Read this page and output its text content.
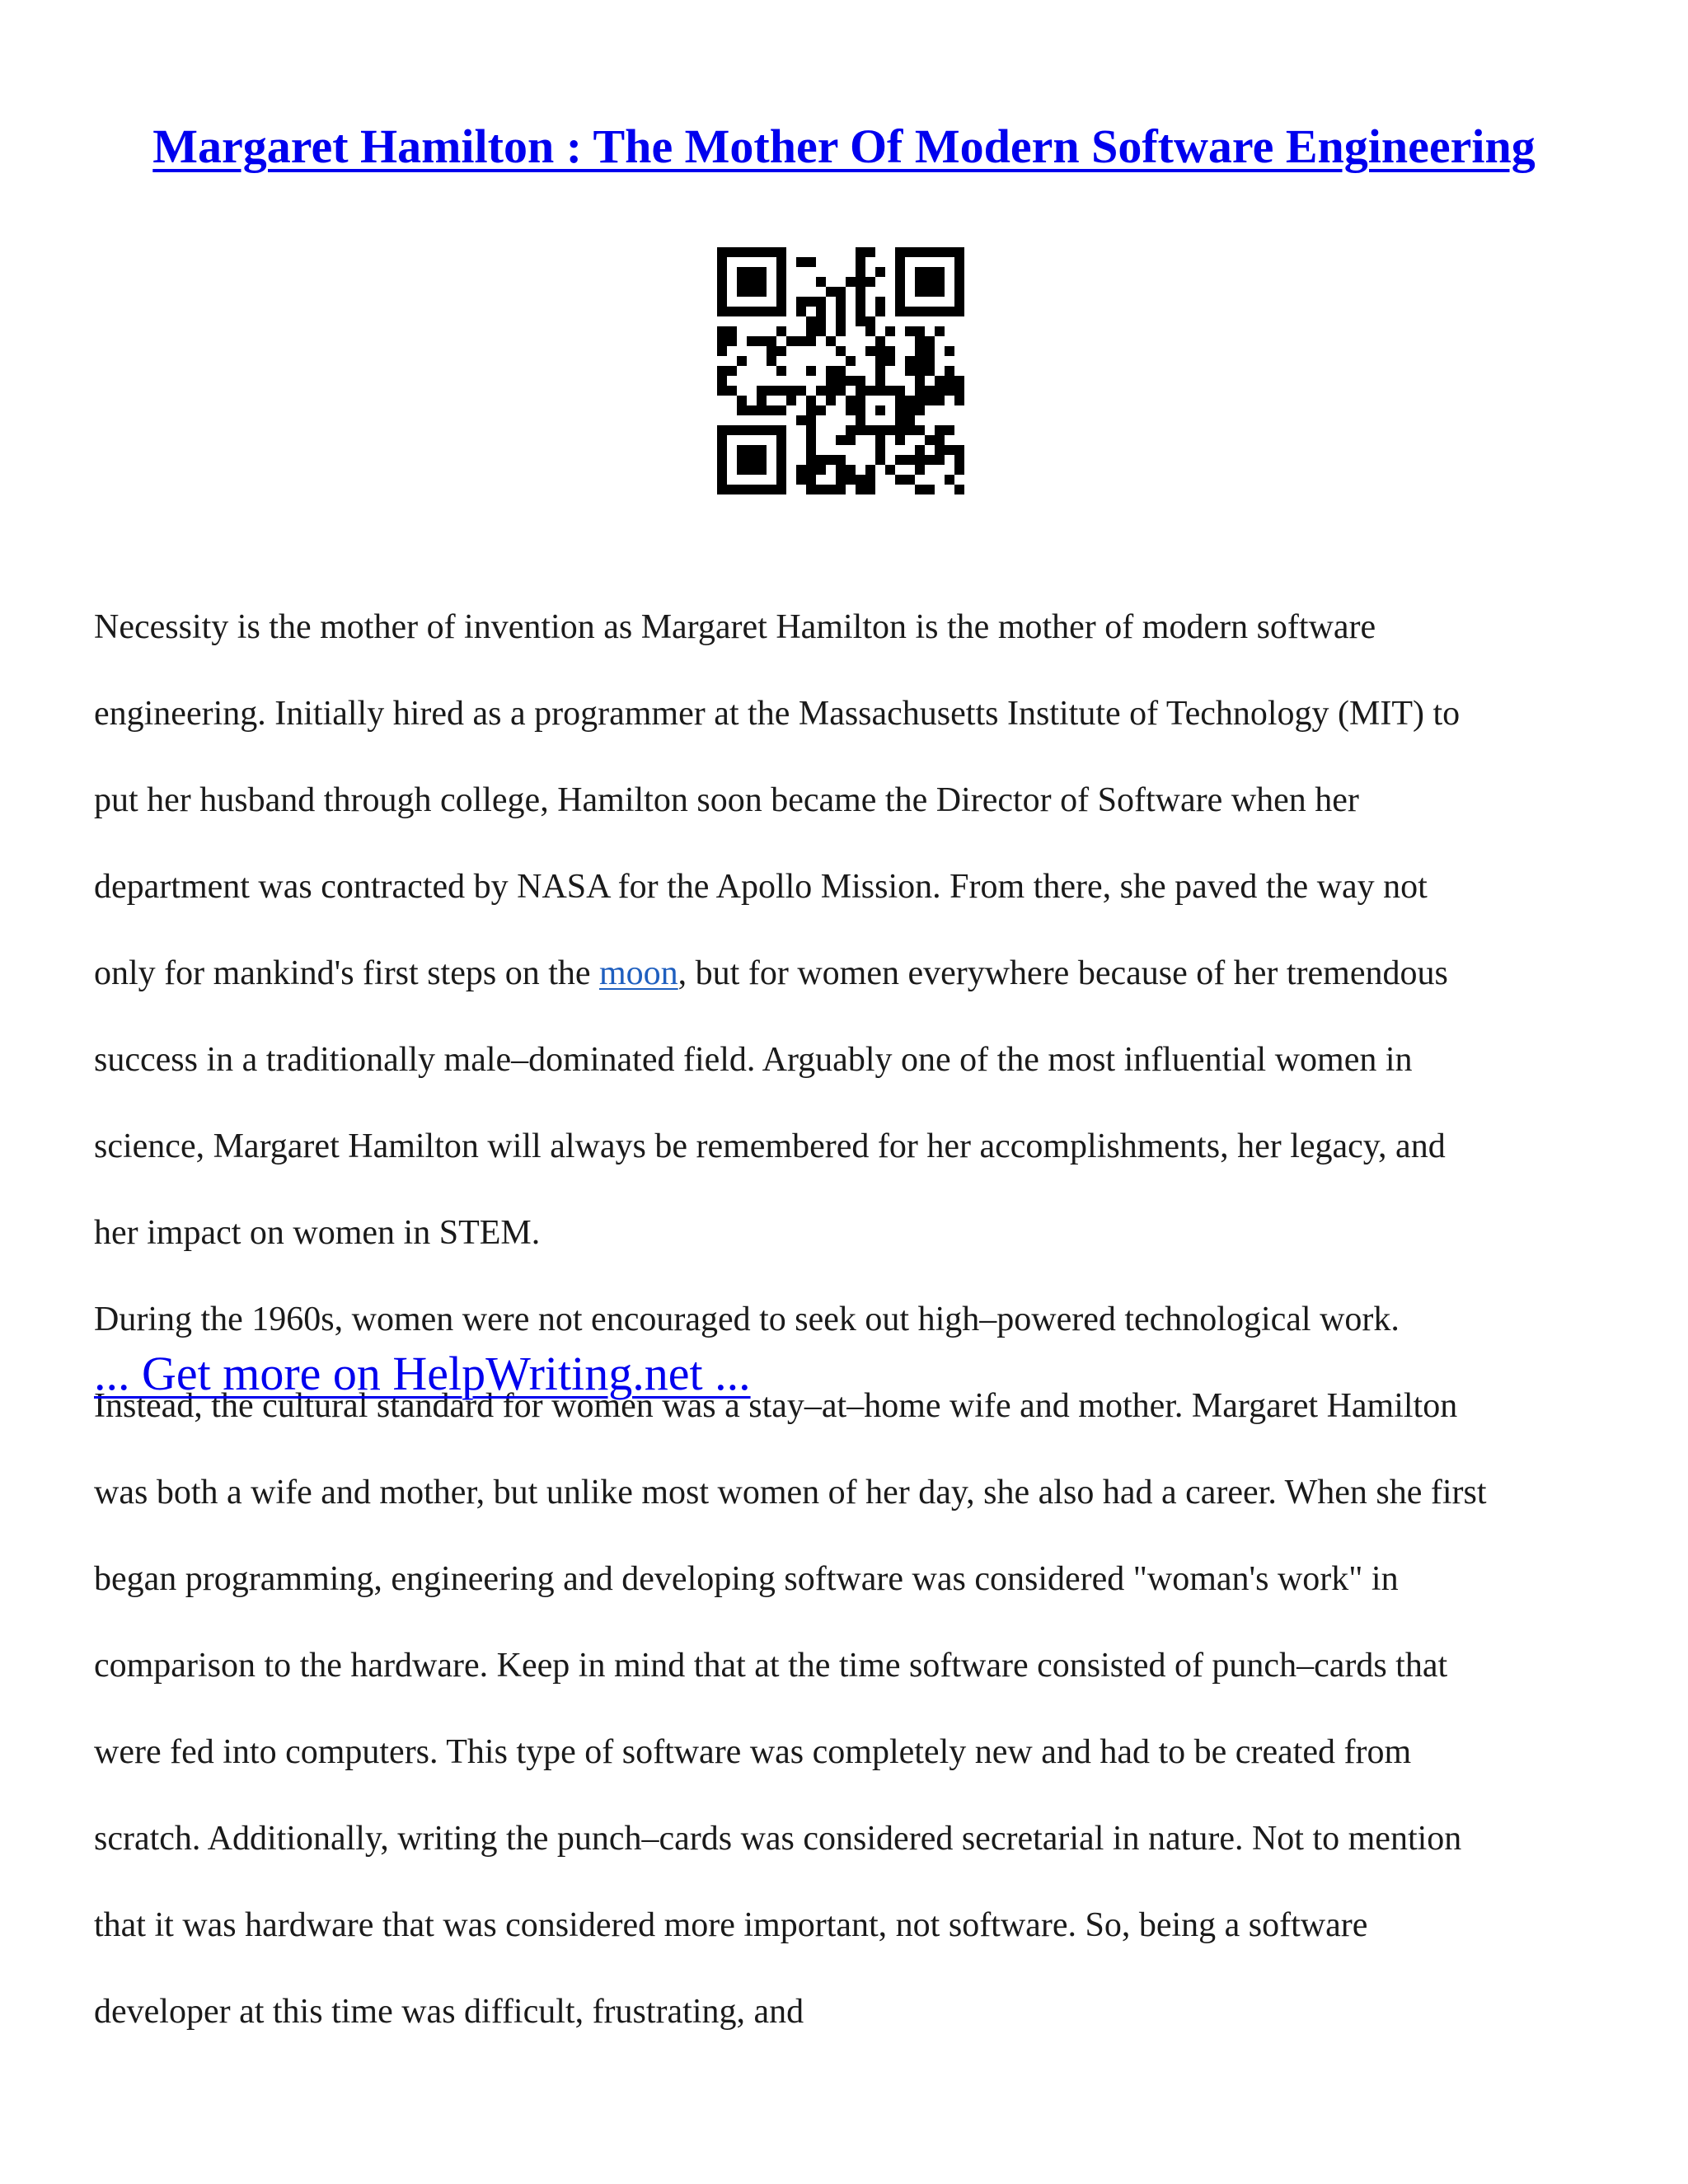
Margaret Hamilton : The Mother Of Modern Software Engineering

Necessity is the mother of invention as Margaret Hamilton is the mother of modern software

engineering. Initially hired as a programmer at the Massachusetts Institute of Technology (MIT) to

put her husband through college, Hamilton soon became the Director of Software when her

department was contracted by NASA for the Apollo Mission. From there, she paved the way not

only for mankind's first steps on the moon, but for women everywhere because of her tremendous

success in a traditionally male–dominated field. Arguably one of the most influential women in

science, Margaret Hamilton will always be remembered for her accomplishments, her legacy, and

her impact on women in STEM.

During the 1960s, women were not encouraged to seek out high–powered technological work.

Instead, the cultural standard for women was a stay–at–home wife and mother. Margaret Hamilton

was both a wife and mother, but unlike most women of her day, she also had a career. When she first

began programming, engineering and developing software was considered "woman's work" in

comparison to the hardware. Keep in mind that at the time software consisted of punch–cards that

were fed into computers. This type of software was completely new and had to be created from

scratch. Additionally, writing the punch–cards was considered secretarial in nature. Not to mention

that it was hardware that was considered more important, not software. So, being a software

developer at this time was difficult, frustrating, and

... Get more on HelpWriting.net ...
